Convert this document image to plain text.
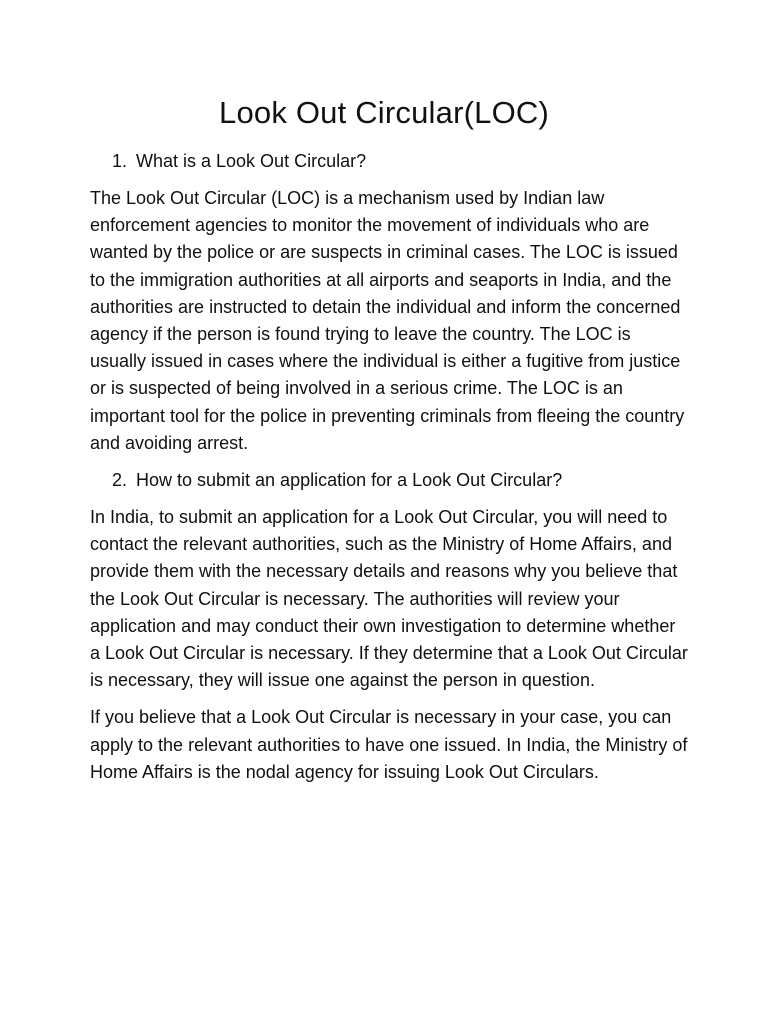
Look Out Circular(LOC)
1. What is a Look Out Circular?

The Look Out Circular (LOC) is a mechanism used by Indian law enforcement agencies to monitor the movement of individuals who are wanted by the police or are suspects in criminal cases. The LOC is issued to the immigration authorities at all airports and seaports in India, and the authorities are instructed to detain the individual and inform the concerned agency if the person is found trying to leave the country. The LOC is usually issued in cases where the individual is either a fugitive from justice or is suspected of being involved in a serious crime. The LOC is an important tool for the police in preventing criminals from fleeing the country and avoiding arrest.

2. How to submit an application for a Look Out Circular?

In India, to submit an application for a Look Out Circular, you will need to contact the relevant authorities, such as the Ministry of Home Affairs, and provide them with the necessary details and reasons why you believe that the Look Out Circular is necessary. The authorities will review your application and may conduct their own investigation to determine whether a Look Out Circular is necessary. If they determine that a Look Out Circular is necessary, they will issue one against the person in question.

If you believe that a Look Out Circular is necessary in your case, you can apply to the relevant authorities to have one issued. In India, the Ministry of Home Affairs is the nodal agency for issuing Look Out Circulars.
